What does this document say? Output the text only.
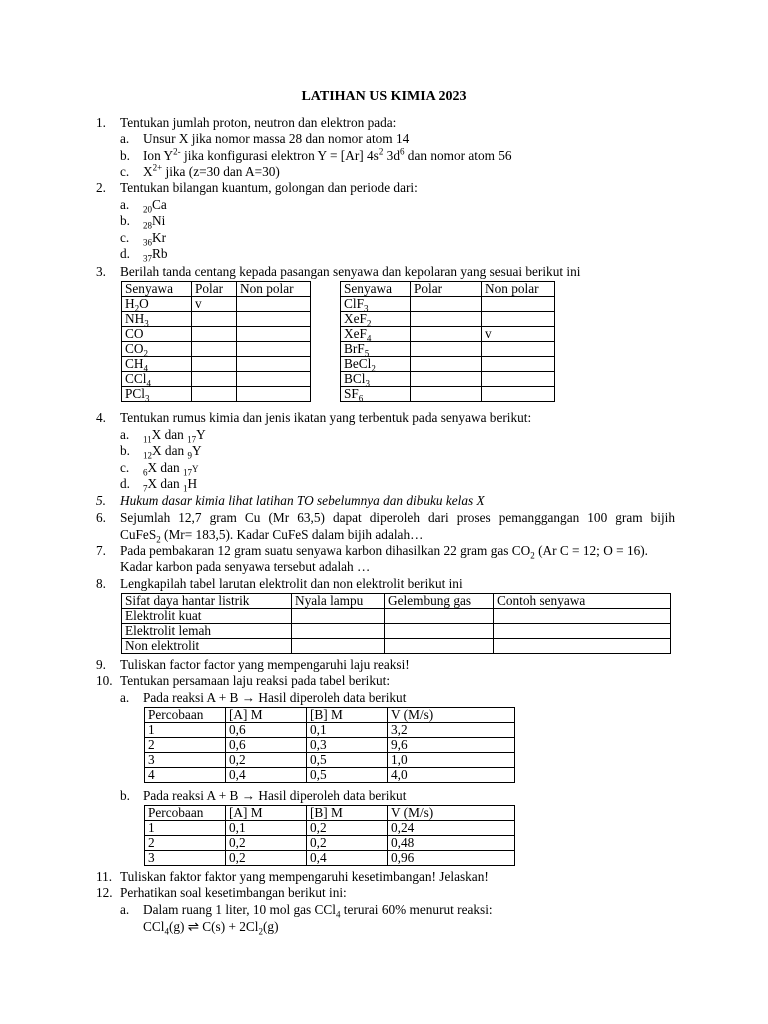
LATIHAN US KIMIA 2023
1. Tentukan jumlah proton, neutron dan elektron pada:
a. Unsur X jika nomor massa 28 dan nomor atom 14
b. Ion $Y^{2-}$ jika konfigurasi elektron Y = [Ar] $4s^2$ $3d^6$ dan nomor atom 56
c. $X^{2+}$ jika (z=30 dan A=30)
2. Tentukan bilangan kuantum, golongan dan periode dari:
a. $_{20}$Ca
b. $_{28}$Ni
c. $_{36}$Kr
d. $_{37}$Rb
3. Berilah tanda centang kepada pasangan senyawa dan kepolaran yang sesuai berikut ini
Senyawa	Polar	Non polar
$H_2O$	v	
$NH_3$		
CO		
$CO_2$		
$CH_4$		
CCl$_4$		
PCl$_3$		
Senyawa	Polar	Non polar
ClF$_3$		
XeF$_2$		
XeF$_4$		v
BrF$_5$		
BeCl$_2$		
BCl$_3$		
$SF_6$		
4. Tentukan rumus kimia dan jenis ikatan yang terbentuk pada senyawa berikut:
a. $_{11}$X dan $_{17}$Y
b. $_{12}$X dan $_9$Y
c. $_6$X dan $_{17}$Y
d. $_7$X dan $_1$H
5. Hukum dasar kimia lihat latihan TO sebelumnya dan dibuku kelas X
6. Sejumlah 12,7 gram Cu (Mr 63,5) dapat diperoleh dari proses pemanggangan 100 gram bijih
CuFeS$_2$ (Mr= 183,5). Kadar CuFeS dalam bijih adalah…
7. Pada pembakaran 12 gram suatu senyawa karbon dihasilkan 22 gram gas $CO_2$ (Ar C = 12; O = 16).
Kadar karbon pada senyawa tersebut adalah …
8. Lengkapilah tabel larutan elektrolit dan non elektrolit berikut ini
Sifat daya hantar listrik	Nyala lampu	Gelembung gas	Contoh senyawa
Elektrolit kuat			
Elektrolit lemah			
Non elektrolit			
9. Tuliskan factor factor yang mempengaruhi laju reaksi!
10. Tentukan persamaan laju reaksi pada tabel berikut:
a. Pada reaksi A + B → Hasil diperoleh data berikut
Percobaan	[A] M	[B] M	V (M/s)
1	0,6	0,1	3,2
2	0,6	0,3	9,6
3	0,2	0,5	1,0
4	0,4	0,5	4,0
b. Pada reaksi A + B → Hasil diperoleh data berikut
Percobaan	[A] M	[B] M	V (M/s)
1	0,1	0,2	0,24
2	0,2	0,2	0,48
3	0,2	0,4	0,96
11. Tuliskan faktor faktor yang mempengaruhi kesetimbangan! Jelaskan!
12. Perhatikan soal kesetimbangan berikut ini:
a. Dalam ruang 1 liter, 10 mol gas CCl$_4$ terurai 60% menurut reaksi:
CCl$_4$(g) ⇌ $C(s) + 2Cl_2(g)$
